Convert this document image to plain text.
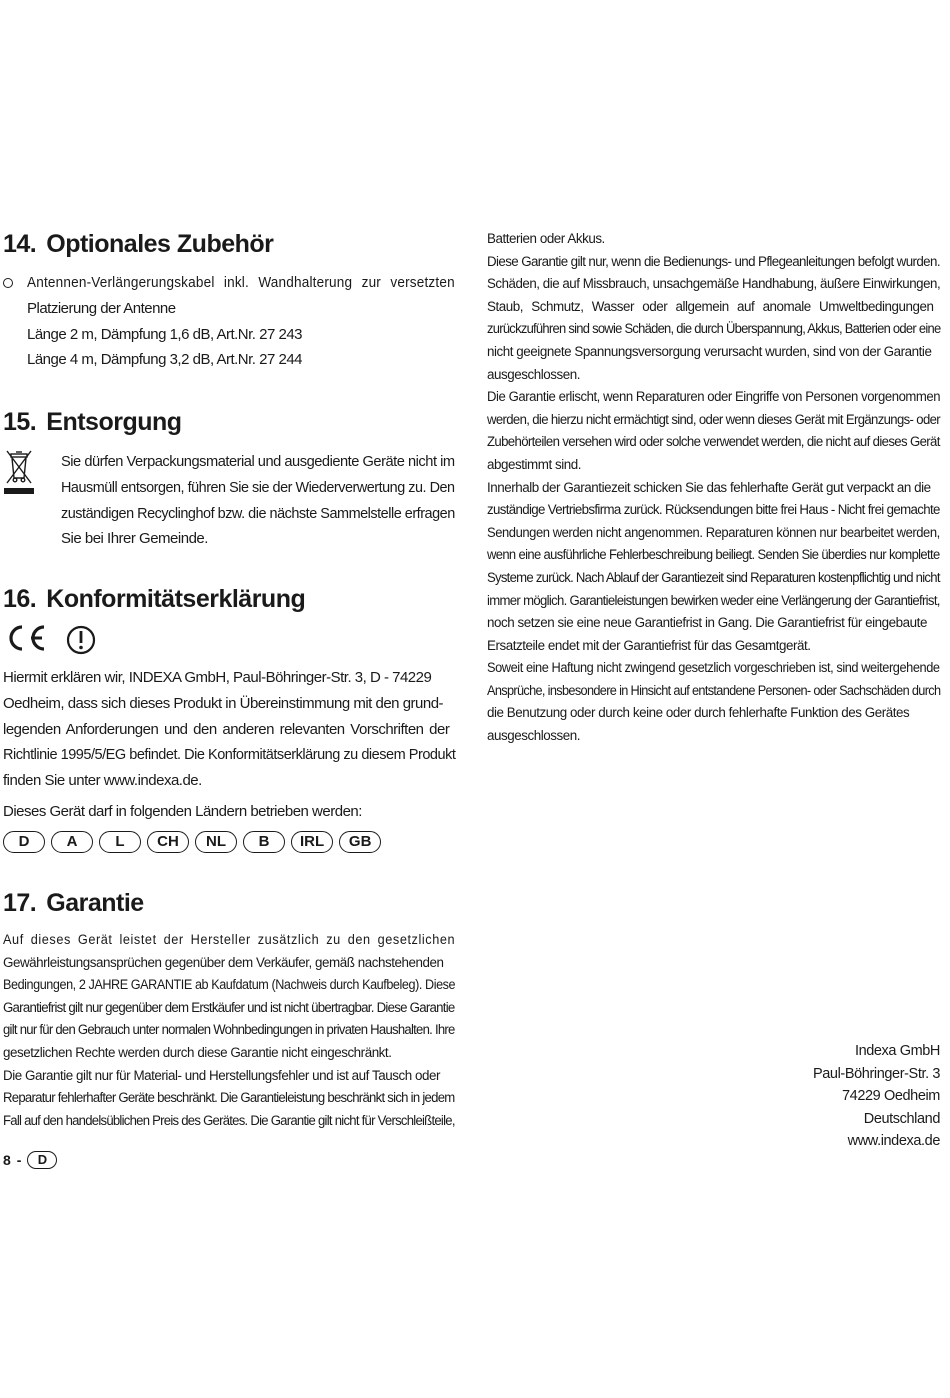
14. Optionales Zubehör
Antennen-Verlängerungskabel inkl. Wandhalterung zur versetzten
Platzierung der Antenne
Länge 2 m, Dämpfung 1,6 dB, Art.Nr. 27 243
Länge 4 m, Dämpfung 3,2 dB, Art.Nr. 27 244
15. Entsorgung
Sie dürfen Verpackungsmaterial und ausgediente Geräte nicht im
Hausmüll entsorgen, führen Sie sie der Wiederverwertung zu. Den
zuständigen Recyclinghof bzw. die nächste Sammelstelle erfragen
Sie bei Ihrer Gemeinde.
16. Konformitätserklärung
Hiermit erklären wir, INDEXA GmbH, Paul-Böhringer-Str. 3, D - 74229
Oedheim, dass sich dieses Produkt in Übereinstimmung mit den grund-
legenden Anforderungen und den anderen relevanten Vorschriften der
Richtlinie 1995/5/EG befindet. Die Konformitätserklärung zu diesem Produkt
finden Sie unter www.indexa.de.
Dieses Gerät darf in folgenden Ländern betrieben werden:
D	A	L	CH	NL	B	IRL	GB
17. Garantie
Auf dieses Gerät leistet der Hersteller zusätzlich zu den gesetzlichen
Gewährleistungsansprüchen gegenüber dem Verkäufer, gemäß nachstehenden
Bedingungen, 2 JAHRE GARANTIE ab Kaufdatum (Nachweis durch Kaufbeleg). Diese
Garantiefrist gilt nur gegenüber dem Erstkäufer und ist nicht übertragbar. Diese Garantie
gilt nur für den Gebrauch unter normalen Wohnbedingungen in privaten Haushalten. Ihre
gesetzlichen Rechte werden durch diese Garantie nicht eingeschränkt.
Die Garantie gilt nur für Material- und Herstellungsfehler und ist auf Tausch oder
Reparatur fehlerhafter Geräte beschränkt. Die Garantieleistung beschränkt sich in jedem
Fall auf den handelsüblichen Preis des Gerätes. Die Garantie gilt nicht für Verschleißteile,
8 -	D
Batterien oder Akkus.
Diese Garantie gilt nur, wenn die Bedienungs- und Pflegeanleitungen befolgt wurden.
Schäden, die auf Missbrauch, unsachgemäße Handhabung, äußere Einwirkungen,
Staub, Schmutz, Wasser oder allgemein auf anomale Umweltbedingungen
zurückzuführen sind sowie Schäden, die durch Überspannung, Akkus, Batterien oder eine
nicht geeignete Spannungsversorgung verursacht wurden, sind von der Garantie
ausgeschlossen.
Die Garantie erlischt, wenn Reparaturen oder Eingriffe von Personen vorgenommen
werden, die hierzu nicht ermächtigt sind, oder wenn dieses Gerät mit Ergänzungs- oder
Zubehörteilen versehen wird oder solche verwendet werden, die nicht auf dieses Gerät
abgestimmt sind.
Innerhalb der Garantiezeit schicken Sie das fehlerhafte Gerät gut verpackt an die
zuständige Vertriebsfirma zurück. Rücksendungen bitte frei Haus - Nicht frei gemachte
Sendungen werden nicht angenommen. Reparaturen können nur bearbeitet werden,
wenn eine ausführliche Fehlerbeschreibung beiliegt. Senden Sie überdies nur komplette
Systeme zurück. Nach Ablauf der Garantiezeit sind Reparaturen kostenpflichtig und nicht
immer möglich. Garantieleistungen bewirken weder eine Verlängerung der Garantiefrist,
noch setzen sie eine neue Garantiefrist in Gang. Die Garantiefrist für eingebaute
Ersatzteile endet mit der Garantiefrist für das Gesamtgerät.
Soweit eine Haftung nicht zwingend gesetzlich vorgeschrieben ist, sind weitergehende
Ansprüche, insbesondere in Hinsicht auf entstandene Personen- oder Sachschäden durch
die Benutzung oder durch keine oder durch fehlerhafte Funktion des Gerätes
ausgeschlossen.
Indexa GmbH
Paul-Böhringer-Str. 3
74229 Oedheim
Deutschland
www.indexa.de
